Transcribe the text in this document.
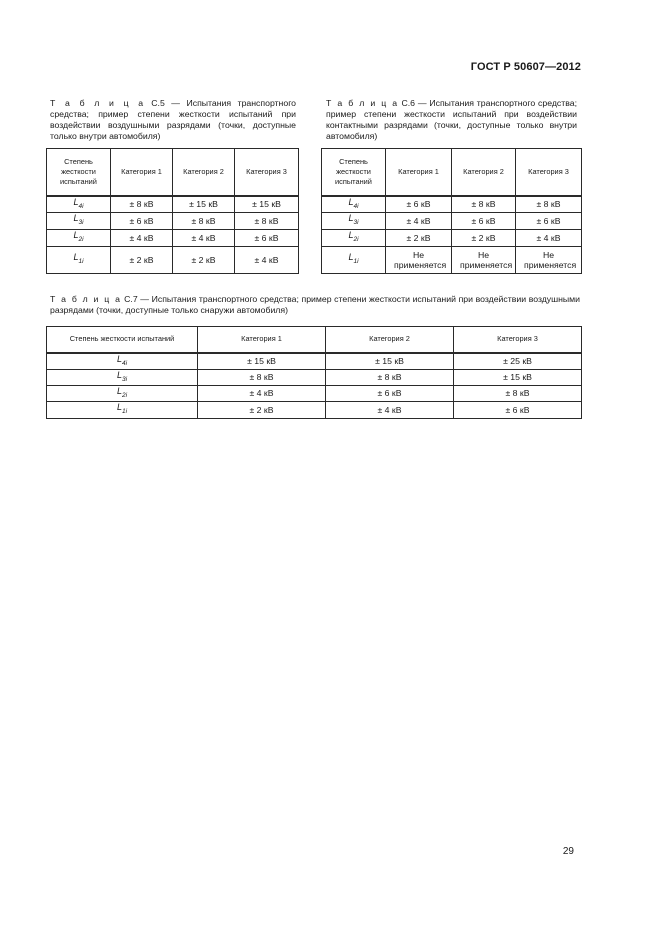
ГОСТ Р 50607—2012
Т а б л и ц а С.5 — Испытания транспортного средства; пример степени жесткости испытаний при воздействии воздушными разрядами (точки, доступные только внутри автомобиля)
Степень жесткости испытаний	Категория 1	Категория 2	Категория 3
$L_{4i}$	± 8 кВ	± 15 кВ	± 15 кВ
$L_{3i}$	± 6 кВ	± 8 кВ	± 8 кВ
$L_{2i}$	± 4 кВ	± 4 кВ	± 6 кВ
$L_{1i}$	± 2 кВ	± 2 кВ	± 4 кВ
Т а б л и ц а С.6 — Испытания транспортного средства; пример степени жесткости испытаний при воздействии контактными разрядами (точки, доступные только внутри автомобиля)
Степень жесткости испытаний	Категория 1	Категория 2	Категория 3
$L_{4i}$	± 6 кВ	± 8 кВ	± 8 кВ
$L_{3i}$	± 4 кВ	± 6 кВ	± 6 кВ
$L_{2i}$	± 2 кВ	± 2 кВ	± 4 кВ
$L_{1i}$	Не применяется	Не применяется	Не применяется
Т а б л и ц а С.7 — Испытания транспортного средства; пример степени жесткости испытаний при воздействии воздушными разрядами (точки, доступные только снаружи автомобиля)
Степень жесткости испытаний	Категория 1	Категория 2	Категория 3
$L_{4i}$	± 15 кВ	± 15 кВ	± 25 кВ
$L_{3i}$	± 8 кВ	± 8 кВ	± 15 кВ
$L_{2i}$	± 4 кВ	± 6 кВ	± 8 кВ
$L_{1i}$	± 2 кВ	± 4 кВ	± 6 кВ
29
